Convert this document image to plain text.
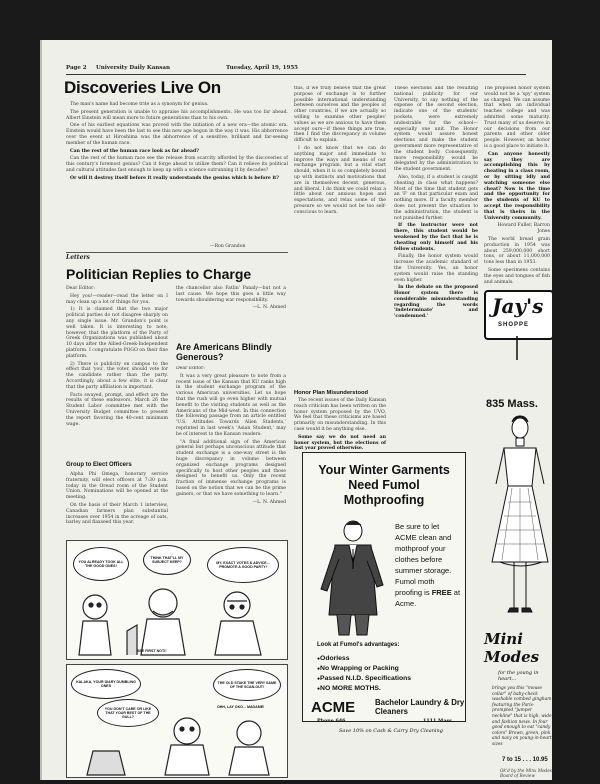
Page 2 University Daily Kansan	Tuesday, April 19, 1955
Discoveries Live On

The man's name had become trite as a synonym for genius.

The present generation is unable to appraise his accomplishments. He was too far ahead. Albert Einstein will mean more to future generations than to his own.

One of his earliest equations was proved with the initiation of a new era—the atomic era. Einstein would have been the last to see this new age begun in the way it was. His abhorrence over the event at Hiroshima was the abhorrence of a sensitive, brilliant and far-seeing member of the human race.

Can the rest of the human race look as far ahead?

Can the rest of the human race see the release from scarcity afforded by the discoveries of this century's foremost genius? Can it forge ahead to utilize them? Can it relieve its political and cultural attitudes fast enough to keep up with a science outrunning it by decades?

Or will it destroy itself before it really understands the genius which is before it?

—Ron Grandon
Letters
Politician Replies to Charge

Dear Editor:

Hey you!—reader—read the letter on I may clean up a lot of things for you.

1) It is claimed that the two major political parties do not disagree sharply on any single issue. Mr. Grandon's point is well taken. It is interesting to note, however, that the platform of the Party of Greek Organizations was published about 10 days after the Allied-Greek-Independent platform. I congratulate POGO on their fine platform.

2) There is publicity on campus to the effect that 'you', the voter, should vote for the candidate rather than the party. Accordingly, about a few elite, it is clear that the party affiliation is important.

Facts swayed, prompt, and effect are the results of these endeavors. March 26 the Student Labor committee met with the University Budget committee to present the report favoring the 40-cent minimum wage.

Group to Elect Officers

Alpha Phi Omega, honorary service fraternity, will elect officers at 7:30 p.m. today in the Oread room of the Student Union. Nominations will be opened at the meeting.

On the basis of their March 1 interview, Canadian farmers plan substantial increases over 1954 in the acreage of oats, barley and flaxseed this year.

the chancellor also Fatlin' Panaly—but not a last cause. We hope this goes a little way towards shouldering war responsibility.

—L. N. Ahmed

Are Americans Blindly Generous?

Dear Editor:

It was a very great pleasure to note from a recent issue of the Kansan that KU ranks high in the student exchange program of the various American universities. Let us hope that the rush will go even higher with mutual benefit to the visiting students as well as the Americans of the Mid-west. In this connection the following passage from an article entitled 'U.S. Attitudes Towards Alien Students,' reprinted in last week's 'Asian Student,' may be of interest to the Kansan readers:

"A final additional sign of the American general but perhaps unconscious attitude that student exchange is a one-way street is the huge discrepancy in volume between organized exchange programs designed specifically to host other peoples and those designed to benefit us. Only the recent fraction of immense exchange programs is based on the notion that we can be the prime gainers, or that we have something to learn."

—L. N. Ahmed

YOU ALREADY TOOK ALL THE GOOD ONES!
THINK THAT'LL MY SUBJECT KEEP?	MY, EXACT VOTES & ADVICE... PROMOTE A GOOD PARTY!
SEE FIRST NOT!!
KALAKA, YOUR DIARY DUMBLING ONES
YOU DON'T CARE OR LIKE THAT YOUR BEST OF THE GULL?
THE OLD STAKE THE VERY SAME OF THE SCAN-OUT!
OHH, LAY OKO... MADAME!

this, if we truly believe that the great purpose of exchange is to further possible international understanding between ourselves and the peoples of other countries, if we are actually so willing to examine other peoples' values as we are anxious to have them accept ours—if these things are true, then I find the discrepancy in volume difficult to explain.

I do not know that we can do anything major and immediate to improve the ways and means of our exchange program, but a vital start should, when it is so completely bound up with instincts and motivations that are in themselves decent, generous, and liberal. I do think we could relax a little about our anxious hopes and expectations, and relax some of the pressure so we would not be too self-conscious to learn.

Honor Plan Misunderstood

The recent issues of the Daily Kansan reach criticism has been written on the honor system proposed by the UVO. We feel that these criticisms are based primarily on misunderstanding. In this case would it be anything else.

Some say we do not need an honor system, but the elections of last year proved otherwise.

These elections and the resulting national publicity for our University, to say nothing of the expense of the second election, indicate one of the students' pockets, were extremely undesirable for the school—especially one unit. The Honor system would assure honest elections and make the student government more representative of the student body. Consequently, more responsibility would be delegated by the administration to the student government.

Also, today, if a student is caught cheating in class what happens? Most of the time that student gets an 'F' on that particular exam and nothing more. If a faculty member does not present the situation to the administration, the student is not punished further.

If the instructor were not there, this student would be weakened by the fact that he is cheating only himself and his fellow students.

Finally, the honor system would increase the academic standard of the University. Yes, an honor system would raise the standing even higher.

In the debate on the proposed Honor system there is considerable misunderstanding regarding the words 'indeterminate' and 'condemned.'

The proposed honor system would not be a 'spy' system as charged. We can assume that when an individual teaches college and was admitted some maturity. Trust many of us deserve in our decisions from our parents and other older people. However, an honor is a good place to initiate it.

Can anyone honestly say they are accomplishing this by cheating in a class room, or by sitting idly and watching someone else cheat? Now is the time and the opportunity for the students of KU to accept the responsibility that is theirs in the University community.

Howard Fuller, Barron Jones

The world bread grain production in 1954 was about 259,000,000 short tons, or about 11,000,000 tons less than in 1953.

Some specimens contains the eyes and tongues of fish and animals.

Your Winter Garments Need Fumol Mothproofing
Be sure to let ACME clean and mothproof your clothes before summer storage. Fumol moth proofing is FREE at Acme.
Look at Fumol's advantages:
● Odorless
● No Wrapping or Packing
● Passed N.I.D. Specifications
● NO MORE MOTHS.
ACME	Bachelor Laundry & Dry Cleaners
Phone 646	1111 Mass.
Save 10% on Cash & Carry Dry Cleaning
Jay's
SHOPPE
835 Mass.
Mini Modes
for the young in heart...
brings you this "mouse collar" of baby-check washable combed gingham featuring the Paris-prompted "jumper neckline" that is high, wide and fashion news. In four good enough to eat "candy colors" Brown, green, pink and navy on young-in-heart sizes
7 to 15 . . . 10.95
Ok'd by the Minx Modes Board of Review
